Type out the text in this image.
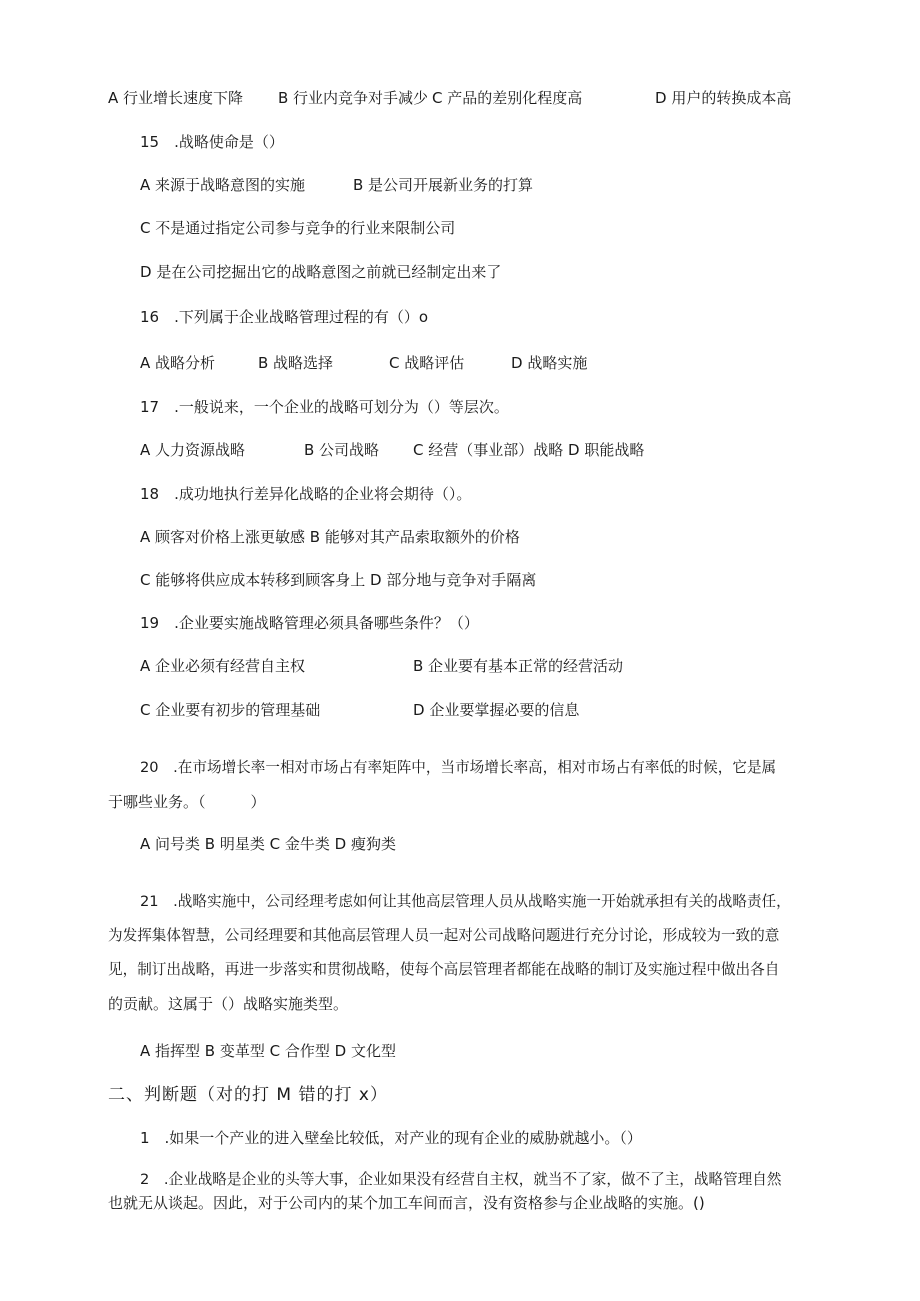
A 行业增长速度下降 B 行业内竞争对手减少 C 产品的差别化程度高	D 用户的转换成本高
15　.战略使命是（）
A 来源于战略意图的实施	B 是公司开展新业务的打算
C 不是通过指定公司参与竞争的行业来限制公司
D 是在公司挖掘出它的战略意图之前就已经制定出来了
16　.下列属于企业战略管理过程的有（）o
A 战略分析	B 战略选择	C 战略评估	D 战略实施
17　.一般说来，一个企业的战略可划分为（）等层次。
A 人力资源战略	B 公司战略 C 经营（事业部）战略 D 职能战略
18　.成功地执行差异化战略的企业将会期待（）。
A 顾客对价格上涨更敏感 B 能够对其产品索取额外的价格
C 能够将供应成本转移到顾客身上 D 部分地与竞争对手隔离
19　.企业要实施战略管理必须具备哪些条件？（）
A 企业必须有经营自主权	B 企业要有基本正常的经营活动
C 企业要有初步的管理基础	D 企业要掌握必要的信息
20　.在市场增长率一相对市场占有率矩阵中，当市场增长率高，相对市场占有率低的时候，它是属
于哪些业务。（　　　）
A 问号类 B 明星类 C 金牛类 D 瘦狗类
21　.战略实施中，公司经理考虑如何让其他高层管理人员从战略实施一开始就承担有关的战略责任，
为发挥集体智慧，公司经理要和其他高层管理人员一起对公司战略问题进行充分讨论，形成较为一致的意
见，制订出战略，再进一步落实和贯彻战略，使每个高层管理者都能在战略的制订及实施过程中做出各自
的贡献。这属于（）战略实施类型。
A 指挥型 B 变革型 C 合作型 D 文化型
二、判断题（对的打 M 错的打 x）
1　.如果一个产业的进入壁垒比较低，对产业的现有企业的威胁就越小。（）
2　.企业战略是企业的头等大事，企业如果没有经营自主权，就当不了家，做不了主，战略管理自然
也就无从谈起。因此，对于公司内的某个加工车间而言，没有资格参与企业战略的实施。()
